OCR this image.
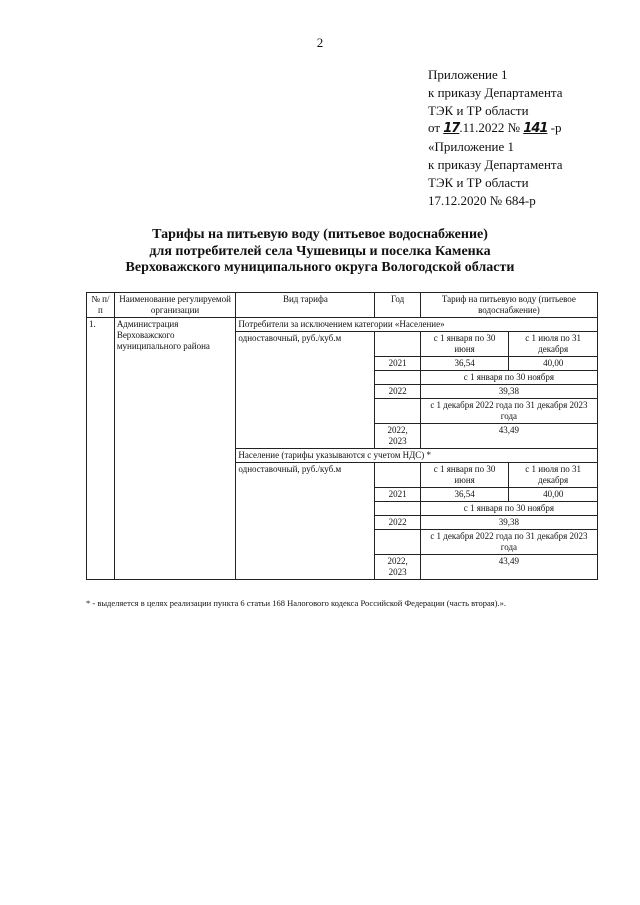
2
Приложение 1
к приказу Департамента
ТЭК и ТР области
от 17.11.2022 № 141 -р
«Приложение 1
к приказу Департамента
ТЭК и ТР области
17.12.2020 № 684-р
Тарифы на питьевую воду (питьевое водоснабжение)
для потребителей села Чушевицы и поселка Каменка
Верховажского муниципального округа Вологодской области
№ п/п	Наименование регулируемой организации	Вид тарифа	Год	Тариф на питьевую воду (питьевое водоснабжение)	
1.	Администрация Верховажского муниципального района	Потребители за исключением категории «Население»			
		одноставочный, руб./куб.м		с 1 января по 30 июня	с 1 июля по 31 декабря
			2021	36,54	40,00
				с 1 января по 30 ноября	
			2022	39,38	
				с 1 декабря 2022 года по 31 декабря 2023 года	
			2022, 2023	43,49	
		Население (тарифы указываются с учетом НДС) *			
		одноставочный, руб./куб.м		с 1 января по 30 июня	с 1 июля по 31 декабря
			2021	36,54	40,00
				с 1 января по 30 ноября	
			2022	39,38	
				с 1 декабря 2022 года по 31 декабря 2023 года	
			2022, 2023	43,49	
* - выделяется в целях реализации пункта 6 статьи 168 Налогового кодекса Российской Федерации (часть вторая).».
